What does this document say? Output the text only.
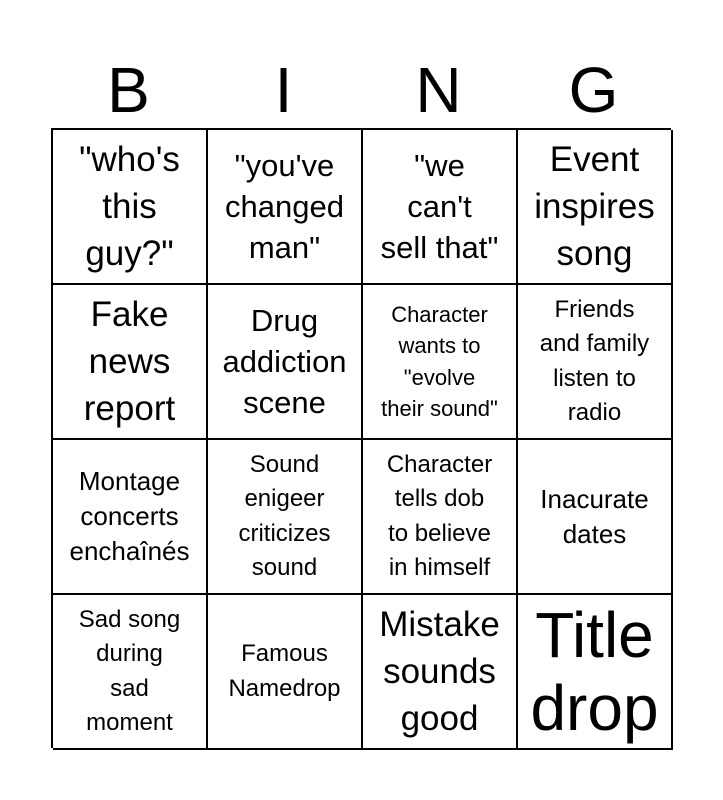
B	I	N	G
"who's
this
guy?"
"you've
changed
man"
"we
can't
sell that"
Event
inspires
song
Fake
news
report
Drug
addiction
scene
Character
wants to
"evolve
their sound"
Friends
and family
listen to
radio
Montage
concerts
enchaînés
Sound
enigeer
criticizes
sound
Character
tells dob
to believe
in himself
Inacurate
dates
Sad song
during
sad
moment
Famous
Namedrop
Mistake
sounds
good
Title
drop
